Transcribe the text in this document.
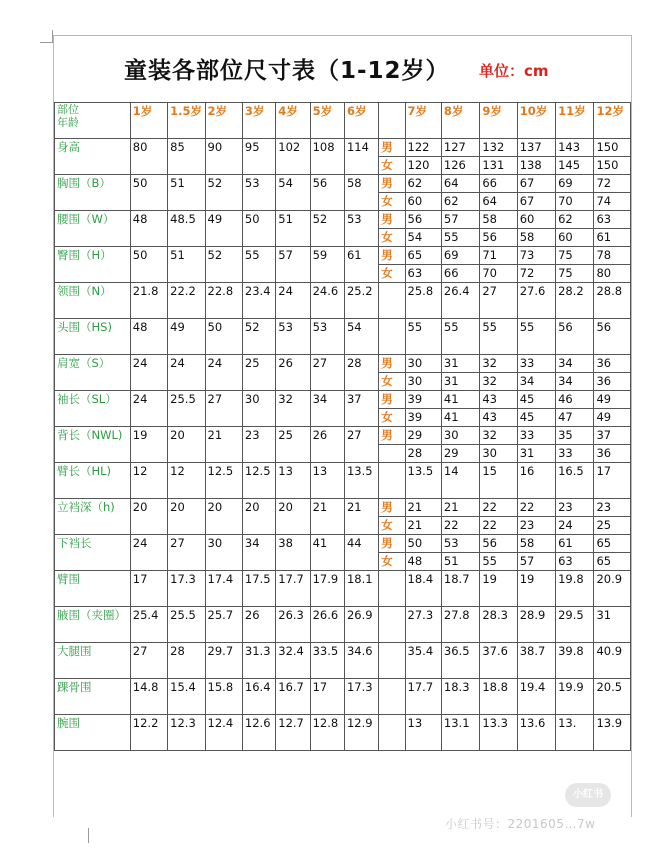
童装各部位尺寸表（1-12岁） 单位：cm
部位
年龄	1岁	1.5岁	2岁	3岁	4岁	5岁	6岁		7岁	8岁	9岁	10岁	11岁	12岁
身高	80	85	90	95	102	108	114	男	122	127	132	137	143	150
								女	120	126	131	138	145	150
胸围（B）	50	51	52	53	54	56	58	男	62	64	66	67	69	72
								女	60	62	64	67	70	74
腰围（W）	48	48.5	49	50	51	52	53	男	56	57	58	60	62	63
								女	54	55	56	58	60	61
臀围（H）	50	51	52	55	57	59	61	男	65	69	71	73	75	78
								女	63	66	70	72	75	80
领围（N）	21.8	22.2	22.8	23.4	24	24.6	25.2		25.8	26.4	27	27.6	28.2	28.8
头围（HS)	48	49	50	52	53	53	54		55	55	55	55	56	56
肩宽（S）	24	24	24	25	26	27	28	男	30	31	32	33	34	36
								女	30	31	32	34	34	36
袖长（SL）	24	25.5	27	30	32	34	37	男	39	41	43	45	46	49
								女	39	41	43	45	47	49
背长（NWL)	19	20	21	23	25	26	27	男	29	30	32	33	35	37
									28	29	30	31	33	36
臂长（HL)	12	12	12.5	12.5	13	13	13.5		13.5	14	15	16	16.5	17
立裆深（h)	20	20	20	20	20	21	21	男	21	21	22	22	23	23
								女	21	22	22	23	24	25
下裆长	24	27	30	34	38	41	44	男	50	53	56	58	61	65
								女	48	51	55	57	63	65
臂围	17	17.3	17.4	17.5	17.7	17.9	18.1		18.4	18.7	19	19	19.8	20.9
腋围（夹圈）	25.4	25.5	25.7	26	26.3	26.6	26.9		27.3	27.8	28.3	28.9	29.5	31
大腿围	27	28	29.7	31.3	32.4	33.5	34.6		35.4	36.5	37.6	38.7	39.8	40.9
踝骨围	14.8	15.4	15.8	16.4	16.7	17	17.3		17.7	18.3	18.8	19.4	19.9	20.5
腕围	12.2	12.3	12.4	12.6	12.7	12.8	12.9		13	13.1	13.3	13.6	13.	13.9
小红书
小红书号：2201605…7w
